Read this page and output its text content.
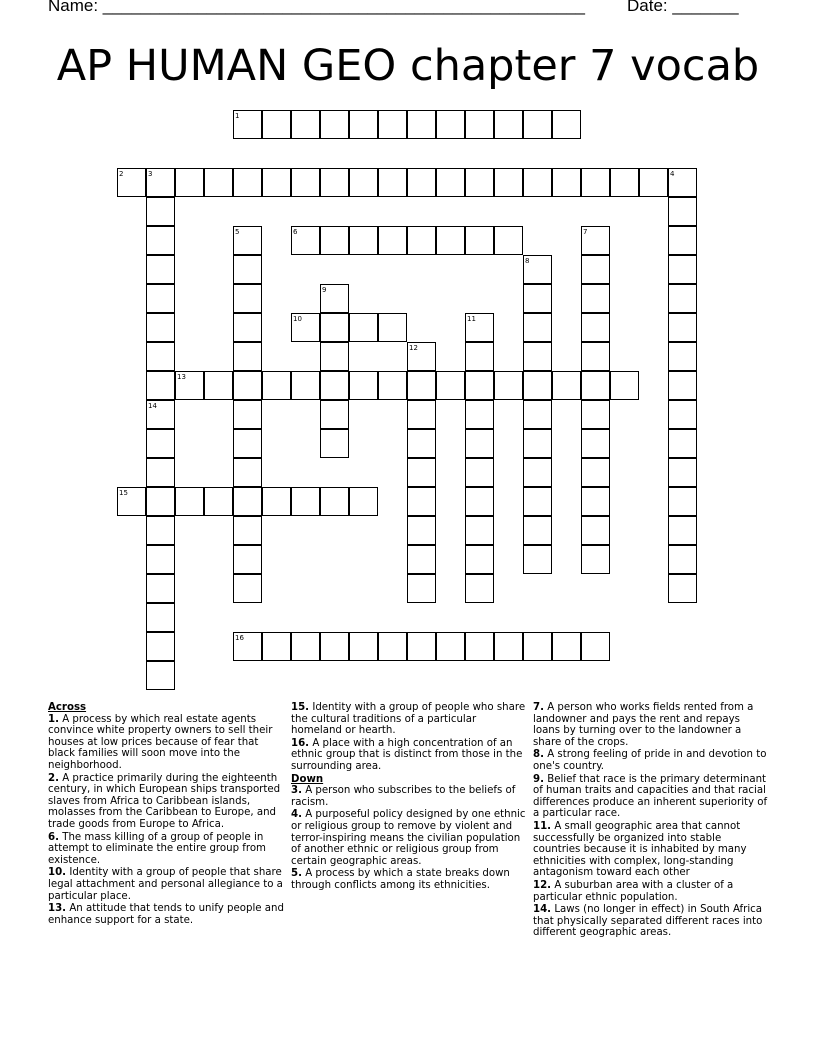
Name: ___________________________________________________ Date: _______
AP HUMAN GEO chapter 7 vocab
1
2	3	4
5	6	7
8
9
10	11
12
13
14
15
16
Across
1. A process by which real estate agents convince white property owners to sell their houses at low prices because of fear that black families will soon move into the neighborhood.
2. A practice primarily during the eighteenth century, in which European ships transported slaves from Africa to Caribbean islands, molasses from the Caribbean to Europe, and trade goods from Europe to Africa.
6. The mass killing of a group of people in attempt to eliminate the entire group from existence.
10. Identity with a group of people that share legal attachment and personal allegiance to a particular place.
13. An attitude that tends to unify people and enhance support for a state.
15. Identity with a group of people who share the cultural traditions of a particular homeland or hearth.
16. A place with a high concentration of an ethnic group that is distinct from those in the surrounding area.
Down
3. A person who subscribes to the beliefs of racism.
4. A purposeful policy designed by one ethnic or religious group to remove by violent and terror-inspiring means the civilian population of another ethnic or religious group from certain geographic areas.
5. A process by which a state breaks down through conflicts among its ethnicities.
7. A person who works fields rented from a landowner and pays the rent and repays loans by turning over to the landowner a share of the crops.
8. A strong feeling of pride in and devotion to one's country.
9. Belief that race is the primary determinant of human traits and capacities and that racial differences produce an inherent superiority of a particular race.
11. A small geographic area that cannot successfully be organized into stable countries because it is inhabited by many ethnicities with complex, long-standing antagonism toward each other
12. A suburban area with a cluster of a particular ethnic population.
14. Laws (no longer in effect) in South Africa that physically separated different races into different geographic areas.
